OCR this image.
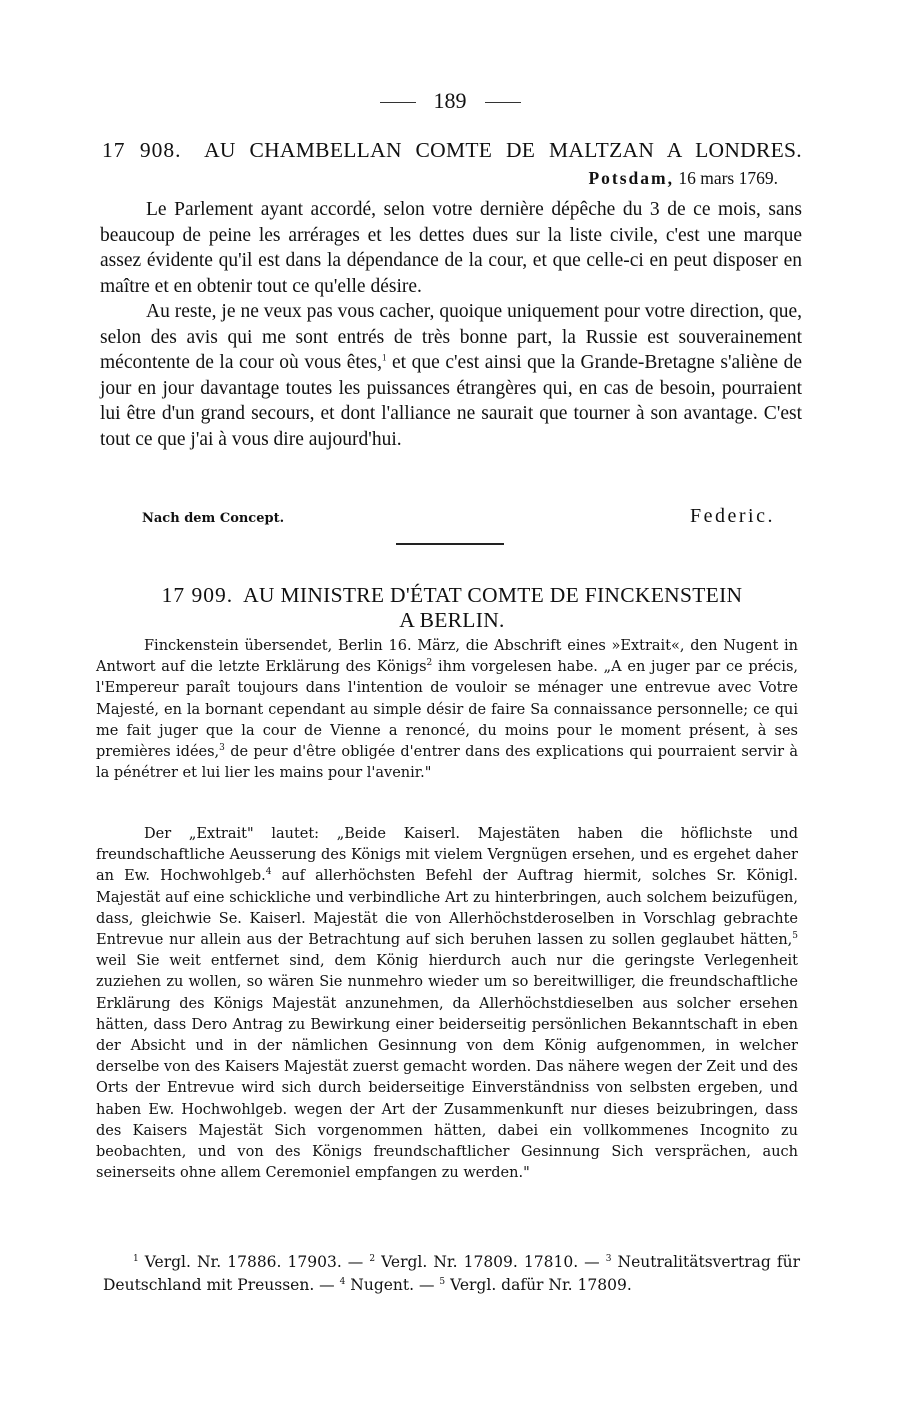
189
17 908. AU CHAMBELLAN COMTE DE MALTZAN A LONDRES.
Potsdam, 16 mars 1769.

Le Parlement ayant accordé, selon votre dernière dépêche du 3 de ce mois, sans beaucoup de peine les arrérages et les dettes dues sur la liste civile, c'est une marque assez évidente qu'il est dans la dépendance de la cour, et que celle-ci en peut disposer en maître et en obtenir tout ce qu'elle désire.

Au reste, je ne veux pas vous cacher, quoique uniquement pour votre direction, que, selon des avis qui me sont entrés de très bonne part, la Russie est souverainement mécontente de la cour où vous êtes,$^1$ et que c'est ainsi que la Grande-Bretagne s'aliène de jour en jour davantage toutes les puissances étrangères qui, en cas de besoin, pourraient lui être d'un grand secours, et dont l'alliance ne saurait que tourner à son avantage. C'est tout ce que j'ai à vous dire aujourd'hui.

Nach dem Concept.	Federic.
17 909. AU MINISTRE D'ÉTAT COMTE DE FINCKENSTEIN
A BERLIN.

Finckenstein übersendet, Berlin 16. März, die Abschrift eines »Extrait«, den Nugent in Antwort auf die letzte Erklärung des Königs$^2$ ihm vorgelesen habe. „A en juger par ce précis, l'Empereur paraît toujours dans l'intention de vouloir se ménager une entrevue avec Votre Majesté, en la bornant cependant au simple désir de faire Sa connaissance personnelle; ce qui me fait juger que la cour de Vienne a renoncé, du moins pour le moment présent, à ses premières idées,$^3$ de peur d'être obligée d'entrer dans des explications qui pourraient servir à la pénétrer et lui lier les mains pour l'avenir."

Der „Extrait" lautet: „Beide Kaiserl. Majestäten haben die höflichste und freundschaftliche Aeusserung des Königs mit vielem Vergnügen ersehen, und es ergehet daher an Ew. Hochwohlgeb.$^4$ auf allerhöchsten Befehl der Auftrag hiermit, solches Sr. Königl. Majestät auf eine schickliche und verbindliche Art zu hinterbringen, auch solchem beizufügen, dass, gleichwie Se. Kaiserl. Majestät die von Allerhöchstderoselben in Vorschlag gebrachte Entrevue nur allein aus der Betrachtung auf sich beruhen lassen zu sollen geglaubet hätten,$^5$ weil Sie weit entfernet sind, dem König hierdurch auch nur die geringste Verlegenheit zuziehen zu wollen, so wären Sie nunmehro wieder um so bereitwilliger, die freundschaftliche Erklärung des Königs Majestät anzunehmen, da Allerhöchstdieselben aus solcher ersehen hätten, dass Dero Antrag zu Bewirkung einer beiderseitig persönlichen Bekanntschaft in eben der Absicht und in der nämlichen Gesinnung von dem König aufgenommen, in welcher derselbe von des Kaisers Majestät zuerst gemacht worden. Das nähere wegen der Zeit und des Orts der Entrevue wird sich durch beiderseitige Einverständniss von selbsten ergeben, und haben Ew. Hochwohlgeb. wegen der Art der Zusammenkunft nur dieses beizubringen, dass des Kaisers Majestät Sich vorgenommen hätten, dabei ein vollkommenes Incognito zu beobachten, und von des Königs freundschaftlicher Gesinnung Sich versprächen, auch seinerseits ohne allem Ceremoniel empfangen zu werden."

$^1$ Vergl. Nr. 17886. 17903. — $^2$ Vergl. Nr. 17809. 17810. — $^3$ Neutralitätsvertrag für Deutschland mit Preussen. — $^4$ Nugent. — $^5$ Vergl. dafür Nr. 17809.
